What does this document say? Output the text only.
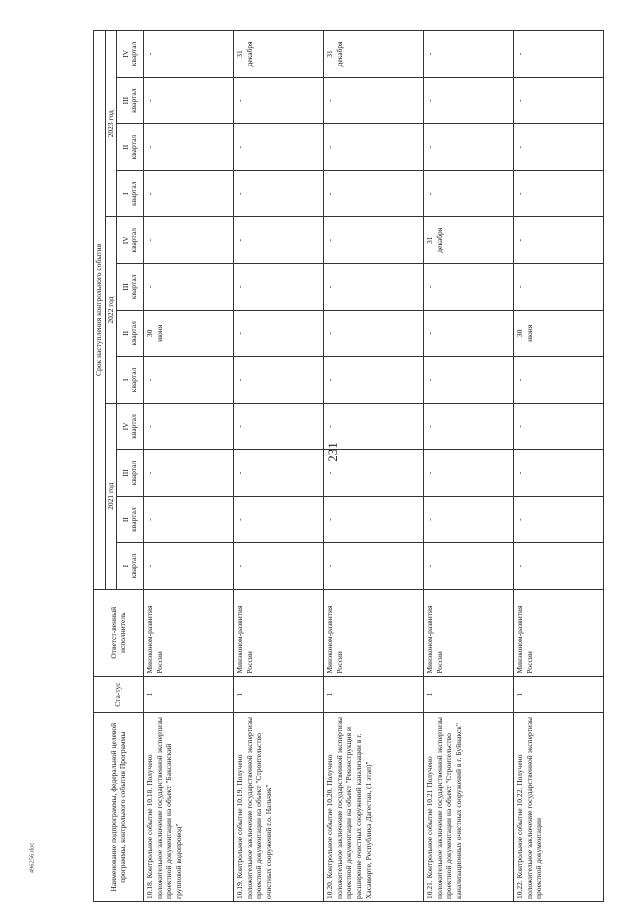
231
Наименование подпрограммы, федеральной целевой программы, контрольного события Программы	Ста-тус	Ответст-венный исполнитель	Срок наступления контрольного события											
			2021 год				2022 год				2023 год			

			I квартал	II квартал	III квартал	IV квартал	I квартал	II квартал	III квартал	IV квартал	I квартал	II квартал	III квартал	IV квартал

10.18. Контрольное событие 10.18. Получено положительное заключение государственной экспертизы проектной документации на объект "Баксанский групповой водопровод"	1	Минэконом-развития России	-	-	-	-	-	30 июня	-	-	-	-	-	-
10.19. Контрольное событие 10.19. Получено положительное заключение государственной экспертизы проектной документации на объект "Строительство очистных сооружений г.о. Нальчик"	1	Минэконом-развития России	-	-	-	-	-	-	-	-	-	-	-	31 декабря

10.20. Контрольное событие 10.20. Получено положительное заключение государственной экспертизы проектной документации на объект "Реконструкция и расширение очистных сооружений канализации в г. Хасавюрте, Республика Дагестан, (1 этап)"	1	Минэконом-развития России	-	-	-	-	-	-	-	-	-	-	-	31 декабря

10.21. Контрольное событие 10.21 Получено положительное заключение государственной экспертизы проектной документации на объект "Строительство канализационных очистных сооружений в г. Буйнакск"	1	Минэконом-развития России	-	-	-	-	-	-	-	31 декабря	-	-	-	-
10.22. Контрольное событие 10.22. Получено положительное заключение государственной экспертизы проектной документации	1	Минэконом-развития России	-	-	-	-	-	30 июня	-	-	-	-	-	-
496256.doc
